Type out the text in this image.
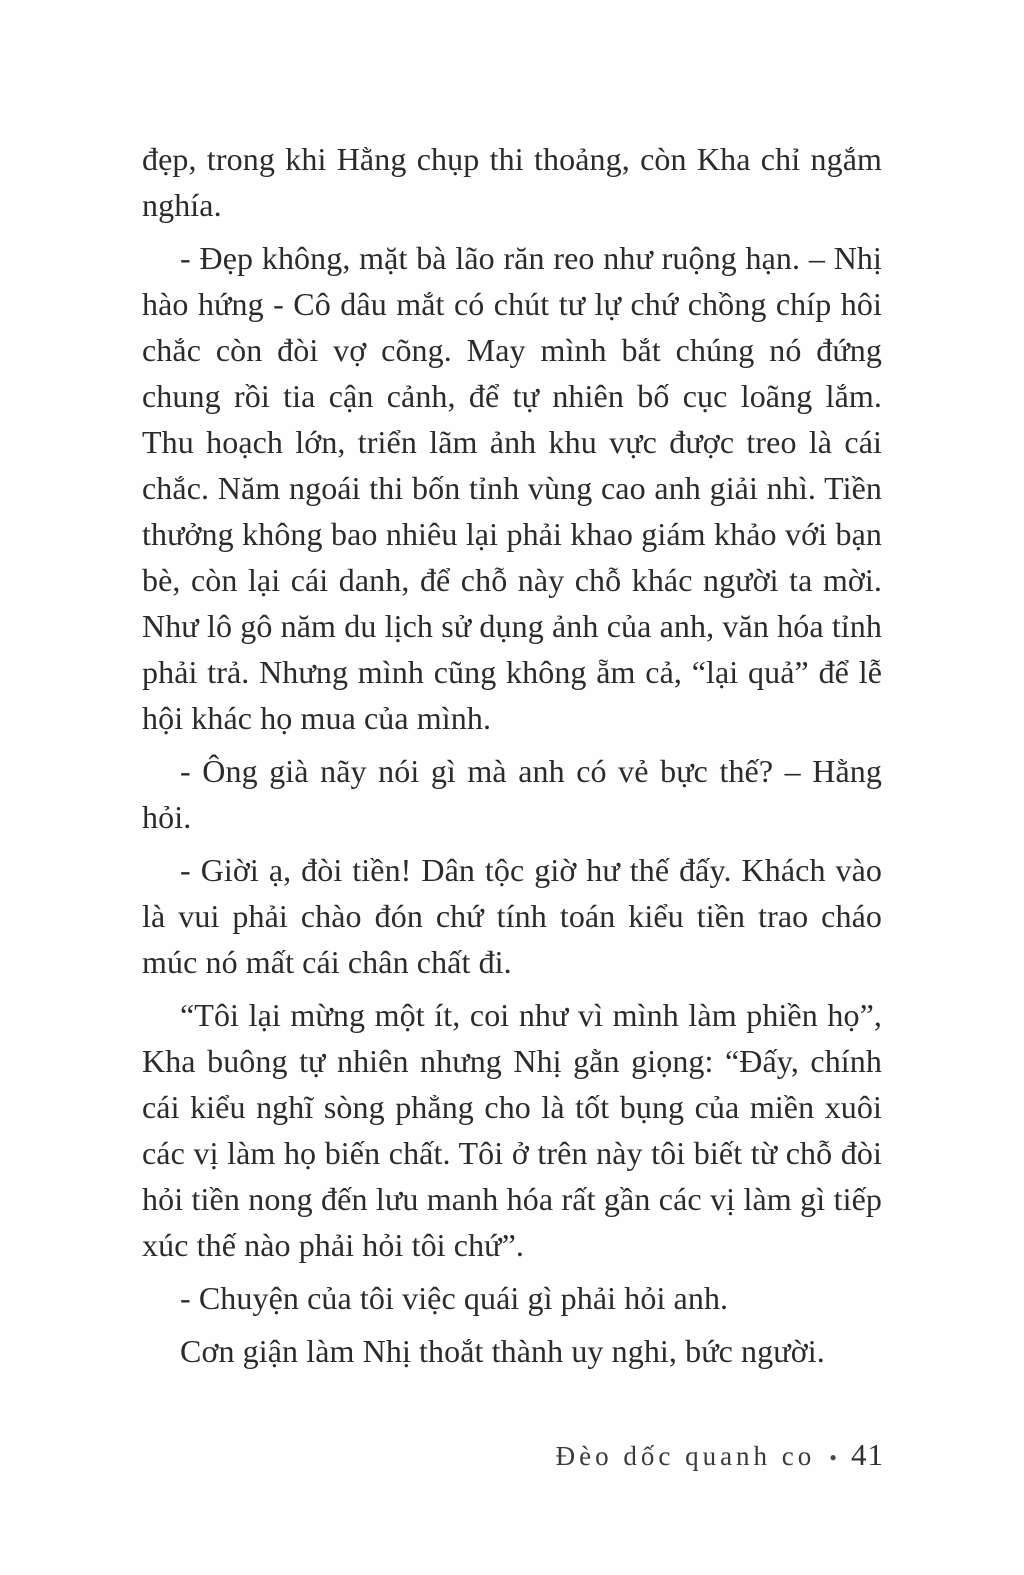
đẹp, trong khi Hằng chụp thi thoảng, còn Kha chỉ ngắm nghía.

- Đẹp không, mặt bà lão răn reo như ruộng hạn. – Nhị hào hứng - Cô dâu mắt có chút tư lự chứ chồng chíp hôi chắc còn đòi vợ cõng. May mình bắt chúng nó đứng chung rồi tia cận cảnh, để tự nhiên bố cục loãng lắm. Thu hoạch lớn, triển lãm ảnh khu vực được treo là cái chắc. Năm ngoái thi bốn tỉnh vùng cao anh giải nhì. Tiền thưởng không bao nhiêu lại phải khao giám khảo với bạn bè, còn lại cái danh, để chỗ này chỗ khác người ta mời. Như lô gô năm du lịch sử dụng ảnh của anh, văn hóa tỉnh phải trả. Nhưng mình cũng không ẵm cả, “lại quả” để lễ hội khác họ mua của mình.

- Ông già nãy nói gì mà anh có vẻ bực thế? – Hằng hỏi.

- Giời ạ, đòi tiền! Dân tộc giờ hư thế đấy. Khách vào là vui phải chào đón chứ tính toán kiểu tiền trao cháo múc nó mất cái chân chất đi.

“Tôi lại mừng một ít, coi như vì mình làm phiền họ”, Kha buông tự nhiên nhưng Nhị gằn giọng: “Đấy, chính cái kiểu nghĩ sòng phẳng cho là tốt bụng của miền xuôi các vị làm họ biến chất. Tôi ở trên này tôi biết từ chỗ đòi hỏi tiền nong đến lưu manh hóa rất gần các vị làm gì tiếp xúc thế nào phải hỏi tôi chứ”.

- Chuyện của tôi việc quái gì phải hỏi anh.

Cơn giận làm Nhị thoắt thành uy nghi, bức người.

Đèo dốc quanh co • 41
